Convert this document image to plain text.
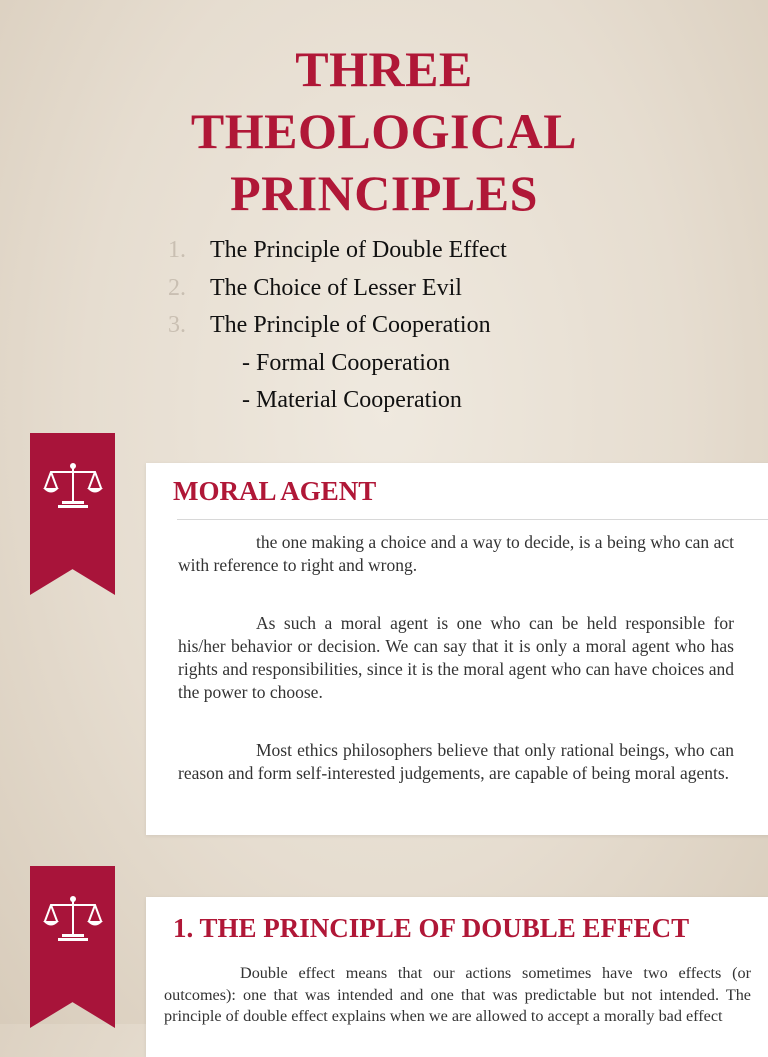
THREE
THEOLOGICAL
PRINCIPLES
1. The Principle of Double Effect
2. The Choice of Lesser Evil
3. The Principle of Cooperation
- Formal Cooperation
- Material Cooperation
MORAL AGENT

the one making a choice and a way to decide, is a being who can act with reference to right and wrong.

As such a moral agent is one who can be held responsible for his/her behavior or decision. We can say that it is only a moral agent who has rights and responsibilities, since it is the moral agent who can have choices and the power to choose.

Most ethics philosophers believe that only rational beings, who can reason and form self-interested judgements, are capable of being moral agents.

1. THE PRINCIPLE OF DOUBLE EFFECT

Double effect means that our actions sometimes have two effects (or outcomes): one that was intended and one that was predictable but not intended. The principle of double effect explains when we are allowed to accept a morally bad effect
